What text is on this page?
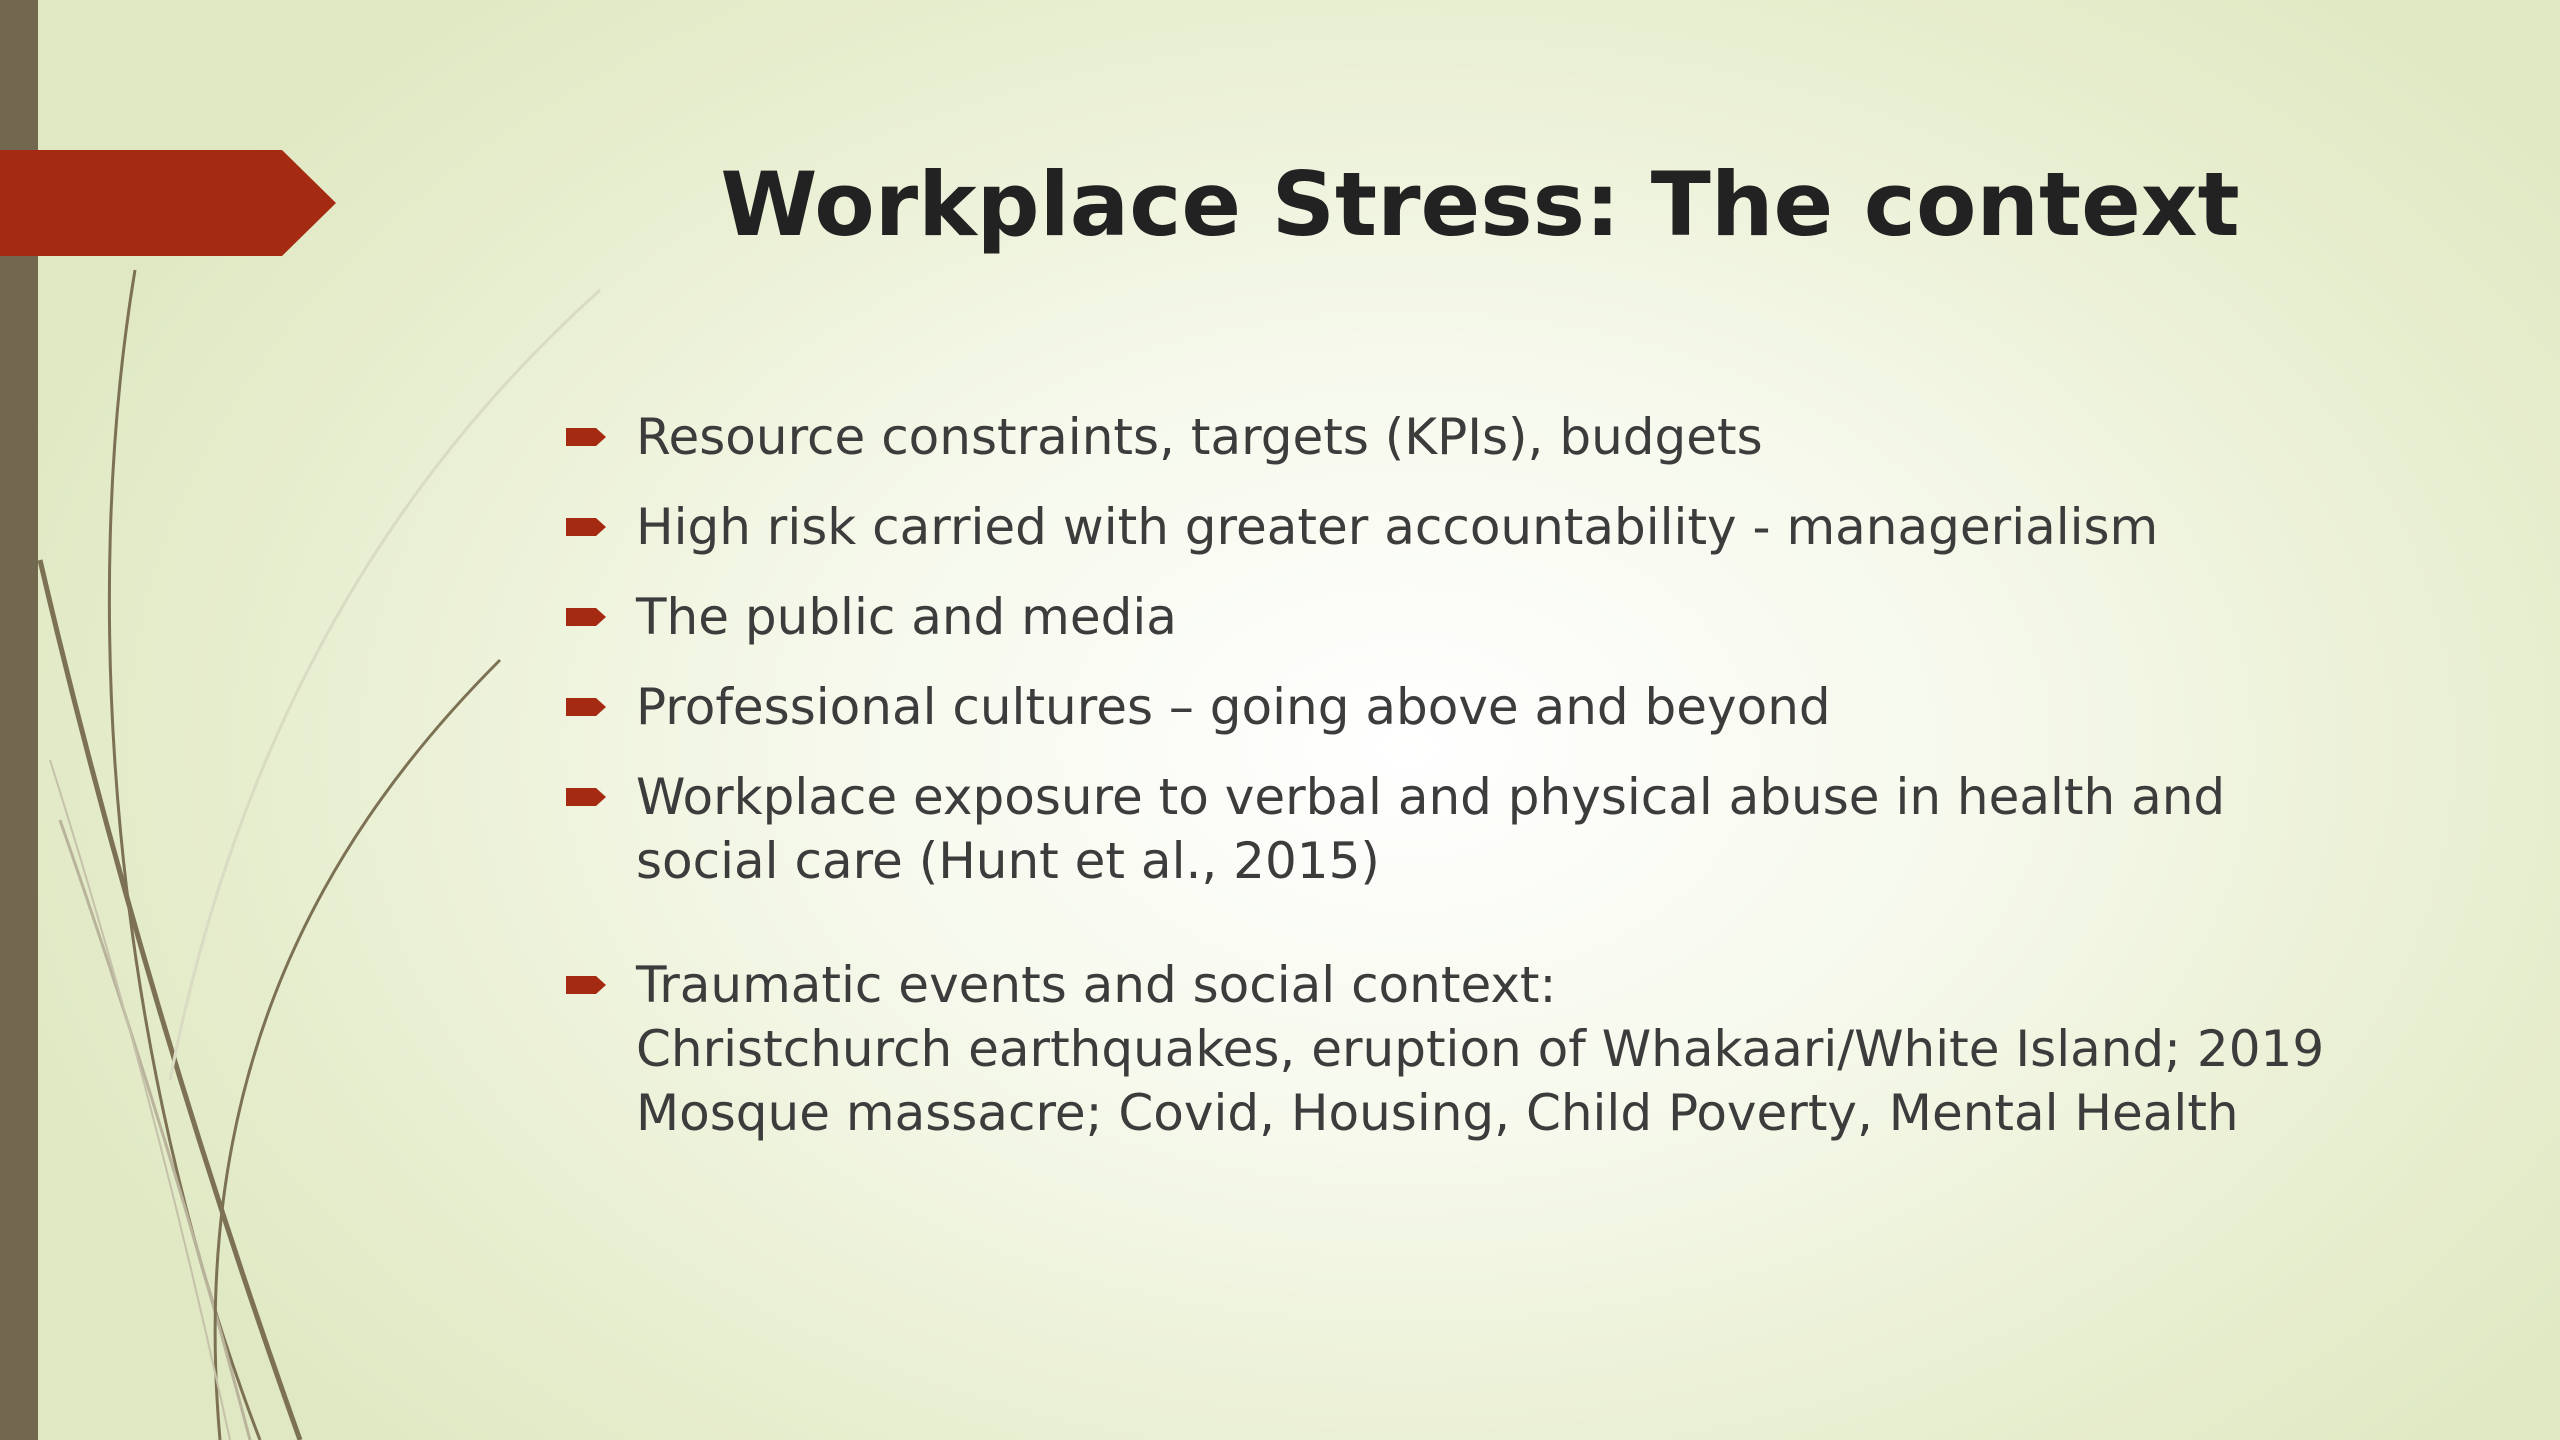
Workplace Stress: The context
Resource constraints, targets (KPIs), budgets
High risk carried with greater accountability - managerialism
The public and media
Professional cultures – going above and beyond
Workplace exposure to verbal and physical abuse in health and
social care (Hunt et al., 2015)
Traumatic events and social context:
Christchurch earthquakes, eruption of Whakaari/White Island; 2019
Mosque massacre; Covid, Housing, Child Poverty, Mental Health
